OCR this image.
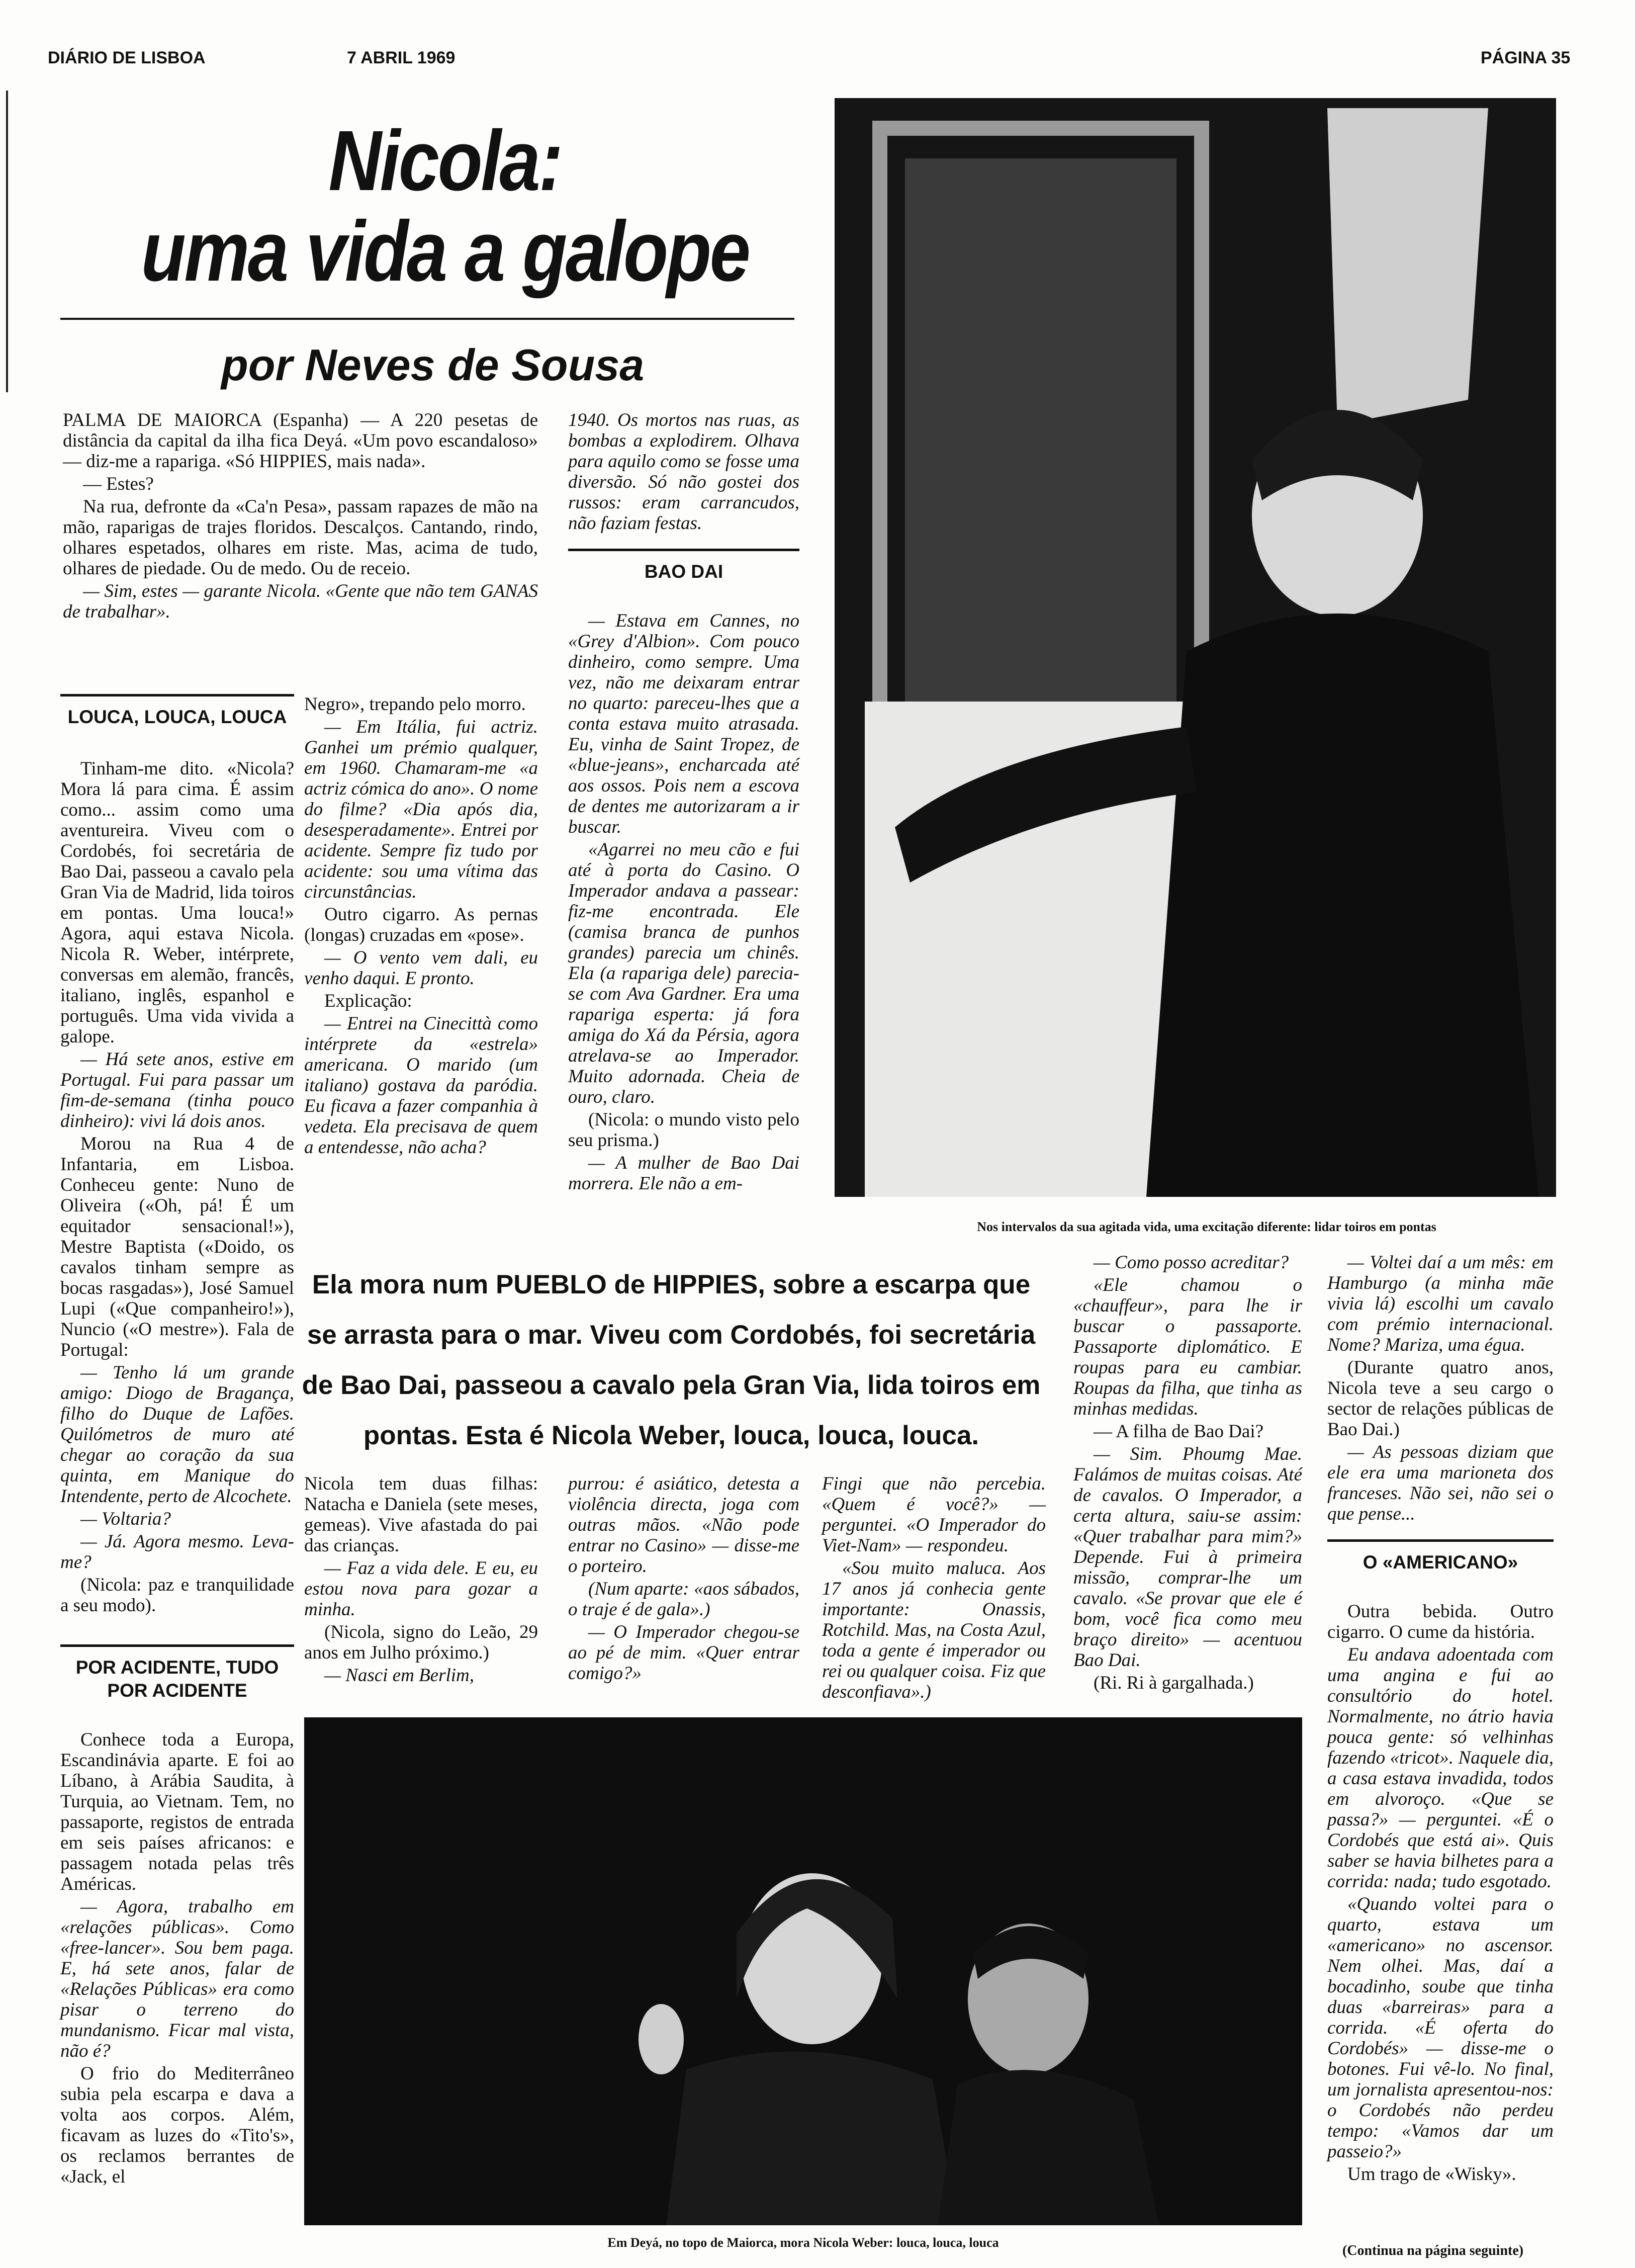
DIÁRIO DE LISBOA	7 ABRIL 1969	PÁGINA 35
Nicola:
uma vida a galope
por Neves de Sousa

PALMA DE MAIORCA (Espanha) — A 220 pesetas de distância da capital da ilha fica Deyá. «Um povo escandaloso» — diz-me a rapariga. «Só HIPPIES, mais nada».

— Estes?

Na rua, defronte da «Ca'n Pesa», passam rapazes de mão na mão, raparigas de trajes floridos. Descalços. Cantando, rindo, olhares espetados, olhares em riste. Mas, acima de tudo, olhares de piedade. Ou de medo. Ou de receio.

— Sim, estes — garante Nicola. «Gente que não tem GANAS de trabalhar».

LOUCA, LOUCA, LOUCA

Tinham-me dito. «Nicola? Mora lá para cima. É assim como... assim como uma aventureira. Viveu com o Cordobés, foi secretária de Bao Dai, passeou a cavalo pela Gran Via de Madrid, lida toiros em pontas. Uma louca!» Agora, aqui estava Nicola. Nicola R. Weber, intérprete, conversas em alemão, francês, italiano, inglês, espanhol e português. Uma vida vivida a galope.

— Há sete anos, estive em Portugal. Fui para passar um fim-de-semana (tinha pouco dinheiro): vivi lá dois anos.

Morou na Rua 4 de Infantaria, em Lisboa. Conheceu gente: Nuno de Oliveira («Oh, pá! É um equitador sensacional!»), Mestre Baptista («Doido, os cavalos tinham sempre as bocas rasgadas»), José Samuel Lupi («Que companheiro!»), Nuncio («O mestre»). Fala de Portugal:

— Tenho lá um grande amigo: Diogo de Bragança, filho do Duque de Lafões. Quilómetros de muro até chegar ao coração da sua quinta, em Manique do Intendente, perto de Alcochete.

— Voltaria?

— Já. Agora mesmo. Leva-me?

(Nicola: paz e tranquilidade a seu modo).

POR ACIDENTE, TUDO POR ACIDENTE

Conhece toda a Europa, Escandinávia aparte. E foi ao Líbano, à Arábia Saudita, à Turquia, ao Vietnam. Tem, no passaporte, registos de entrada em seis países africanos: e passagem notada pelas três Américas.

— Agora, trabalho em «relações públicas». Como «free-lancer». Sou bem paga. E, há sete anos, falar de «Relações Públicas» era como pisar o terreno do mundanismo. Ficar mal vista, não é?

O frio do Mediterrâneo subia pela escarpa e dava a volta aos corpos. Além, ficavam as luzes do «Tito's», os reclamos berrantes de «Jack, el

Negro», trepando pelo morro.

— Em Itália, fui actriz. Ganhei um prémio qualquer, em 1960. Chamaram-me «a actriz cómica do ano». O nome do filme? «Dia após dia, desesperadamente». Entrei por acidente. Sempre fiz tudo por acidente: sou uma vítima das circunstâncias.

Outro cigarro. As pernas (longas) cruzadas em «pose».

— O vento vem dali, eu venho daqui. E pronto.

Explicação:

— Entrei na Cinecittà como intérprete da «estrela» americana. O marido (um italiano) gostava da paródia. Eu ficava a fazer companhia à vedeta. Ela precisava de quem a entendesse, não acha?

1940. Os mortos nas ruas, as bombas a explodirem. Olhava para aquilo como se fosse uma diversão. Só não gostei dos russos: eram carrancudos, não faziam festas.

BAO DAI

— Estava em Cannes, no «Grey d'Albion». Com pouco dinheiro, como sempre. Uma vez, não me deixaram entrar no quarto: pareceu-lhes que a conta estava muito atrasada. Eu, vinha de Saint Tropez, de «blue-jeans», encharcada até aos ossos. Pois nem a escova de dentes me autorizaram a ir buscar.

«Agarrei no meu cão e fui até à porta do Casino. O Imperador andava a passear: fiz-me encontrada. Ele (camisa branca de punhos grandes) parecia um chinês. Ela (a rapariga dele) parecia-se com Ava Gardner. Era uma rapariga esperta: já fora amiga do Xá da Pérsia, agora atrelava-se ao Imperador. Muito adornada. Cheia de ouro, claro.

(Nicola: o mundo visto pelo seu prisma.)

— A mulher de Bao Dai morrera. Ele não a em-

Nos intervalos da sua agitada vida, uma excitação diferente: lidar toiros em pontas
Ela mora num PUEBLO de HIPPIES, sobre a escarpa que se arrasta para o mar. Viveu com Cordobés, foi secretária de Bao Dai, passeou a cavalo pela Gran Via, lida toiros em pontas. Esta é Nicola Weber, louca, louca, louca.

Nicola tem duas filhas: Natacha e Daniela (sete meses, gemeas). Vive afastada do pai das crianças.

— Faz a vida dele. E eu, eu estou nova para gozar a minha.

(Nicola, signo do Leão, 29 anos em Julho próximo.)

— Nasci em Berlim,

purrou: é asiático, detesta a violência directa, joga com outras mãos. «Não pode entrar no Casino» — disse-me o porteiro.

(Num aparte: «aos sábados, o traje é de gala».)

— O Imperador chegou-se ao pé de mim. «Quer entrar comigo?»

Fingi que não percebia. «Quem é você?» — perguntei. «O Imperador do Viet-Nam» — respondeu.

«Sou muito maluca. Aos 17 anos já conhecia gente importante: Onassis, Rotchild. Mas, na Costa Azul, toda a gente é imperador ou rei ou qualquer coisa. Fiz que desconfiava».)

— Como posso acreditar?

«Ele chamou o «chauffeur», para lhe ir buscar o passaporte. Passaporte diplomático. E roupas para eu cambiar. Roupas da filha, que tinha as minhas medidas.

— A filha de Bao Dai?

— Sim. Phoumg Mae. Falámos de muitas coisas. Até de cavalos. O Imperador, a certa altura, saiu-se assim: «Quer trabalhar para mim?» Depende. Fui à primeira missão, comprar-lhe um cavalo. «Se provar que ele é bom, você fica como meu braço direito» — acentuou Bao Dai.

(Ri. Ri à gargalhada.)

— Voltei daí a um mês: em Hamburgo (a minha mãe vivia lá) escolhi um cavalo com prémio internacional. Nome? Mariza, uma égua.

(Durante quatro anos, Nicola teve a seu cargo o sector de relações públicas de Bao Dai.)

— As pessoas diziam que ele era uma marioneta dos franceses. Não sei, não sei o que pense...

O «AMERICANO»

Outra bebida. Outro cigarro. O cume da história.

Eu andava adoentada com uma angina e fui ao consultório do hotel. Normalmente, no átrio havia pouca gente: só velhinhas fazendo «tricot». Naquele dia, a casa estava invadida, todos em alvoroço. «Que se passa?» — perguntei. «É o Cordobés que está ai». Quis saber se havia bilhetes para a corrida: nada; tudo esgotado.

«Quando voltei para o quarto, estava um «americano» no ascensor. Nem olhei. Mas, daí a bocadinho, soube que tinha duas «barreiras» para a corrida. «É oferta do Cordobés» — disse-me o botones. Fui vê-lo. No final, um jornalista apresentou-nos: o Cordobés não perdeu tempo: «Vamos dar um passeio?»

Um trago de «Wisky».

Em Deyá, no topo de Maiorca, mora Nicola Weber: louca, louca, louca
(Continua na página seguinte)
